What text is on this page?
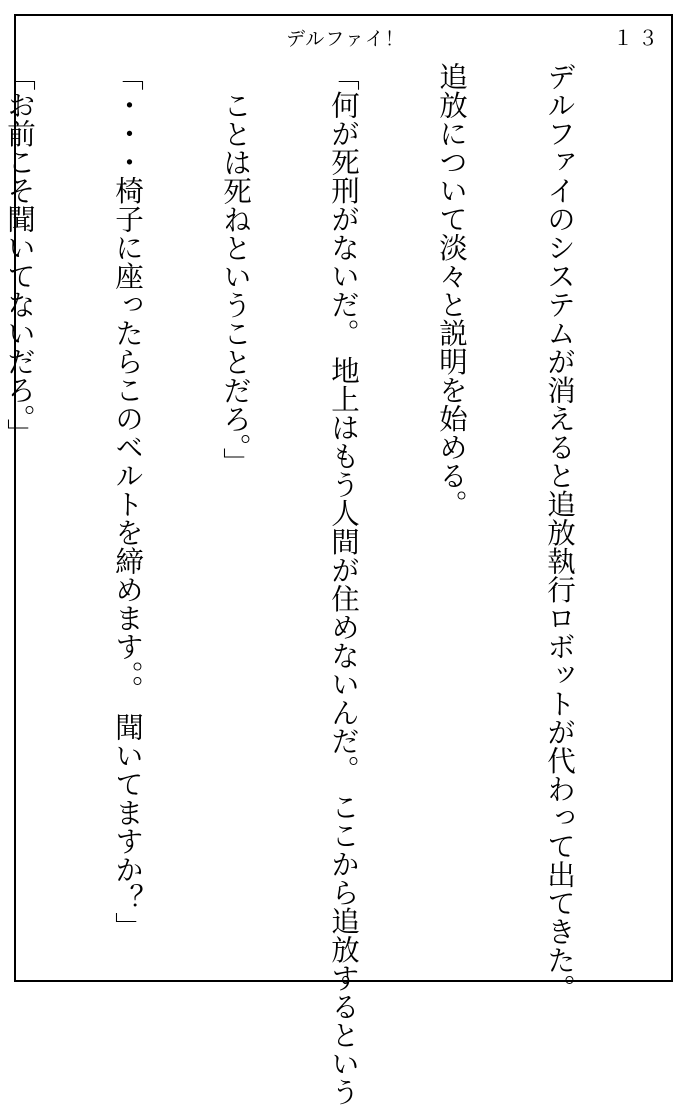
デルファイ！	１３

デルファイのシステムが消えると追放執行ロボットが代わって出てきた。

追放について淡々と説明を始める。

「何が死刑がないだ。 地上はもう人間が住めないんだ。 ここから追放するという

ことは死ねということだろ。」

「・・・椅子に座ったらこのベルトを締めます。。 聞いてますか？」

「お前こそ聞いてないだろ。」
